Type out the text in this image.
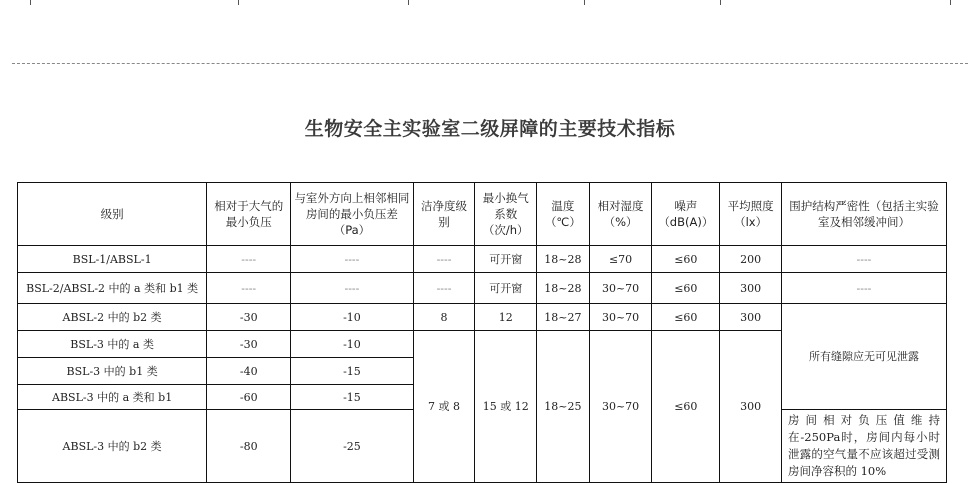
生物安全主实验室二级屏障的主要技术指标
级别	相对于大气的最小负压	与室外方向上相邻相同房间的最小负压差（Pa）	洁净度级别	最小换气系数（次/h）	温度（℃）	相对湿度（%）	噪声（dB(A)）	平均照度（lx）	围护结构严密性（包括主实验室及相邻缓冲间）
BSL-1/ABSL-1	----	----	----	可开窗	18~28	≤70	≤60	200	----
BSL-2/ABSL-2 中的 a 类和 b1 类	----	----	----	可开窗	18~28	30~70	≤60	300	----
ABSL-2 中的 b2 类	-30	-10	8	12	18~27	30~70	≤60	300	所有缝隙应无可见泄露
BSL-3 中的 a 类	-30	-10	7 或 8	15 或 12	18~25	30~70	≤60	300	
BSL-3 中的 b1 类	-40	-15							
ABSL-3 中的 a 类和 b1	-60	-15							
ABSL-3 中的 b2 类	-80	-25							房间相对负压值维持在-250Pa时，房间内每小时泄露的空气量不应该超过受测房间净容积的 10%
